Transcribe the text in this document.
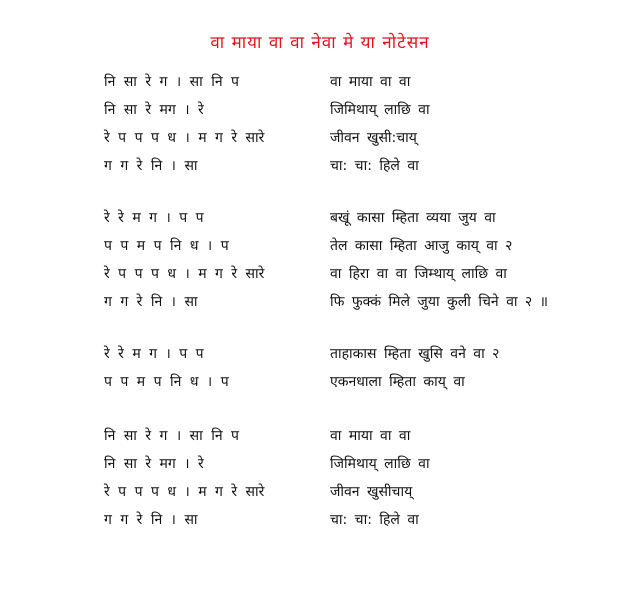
वा माया वा वा नेवा मे या नोटेसन
नि सा रे ग । सा नि प	वा माया वा वा
नि सा रे मग । रे	जिमिथाय् लाछि वा
रे प प प ध । म ग रे सारे	जीवन खुसी:चाय्
ग ग रे नि । सा	चा: चा: हिले वा
रे रे म ग । प प	बखूं कासा म्हिता व्यया जुय वा
प प म प नि ध । प	तेल कासा म्हिता आजु काय् वा २
रे प प प ध । म ग रे सारे	वा हिरा वा वा जिम्थाय् लाछि वा
ग ग रे नि । सा	फि फुक्कं मिले जुया कुली चिने वा २ ॥
रे रे म ग । प प	ताहाकास म्हिता खुसि वने वा २
प प म प नि ध । प	एकनधाला म्हिता काय् वा
नि सा रे ग । सा नि प	वा माया वा वा
नि सा रे मग । रे	जिमिथाय् लाछि वा
रे प प प ध । म ग रे सारे	जीवन खुसीचाय्
ग ग रे नि । सा	चा: चा: हिले वा
